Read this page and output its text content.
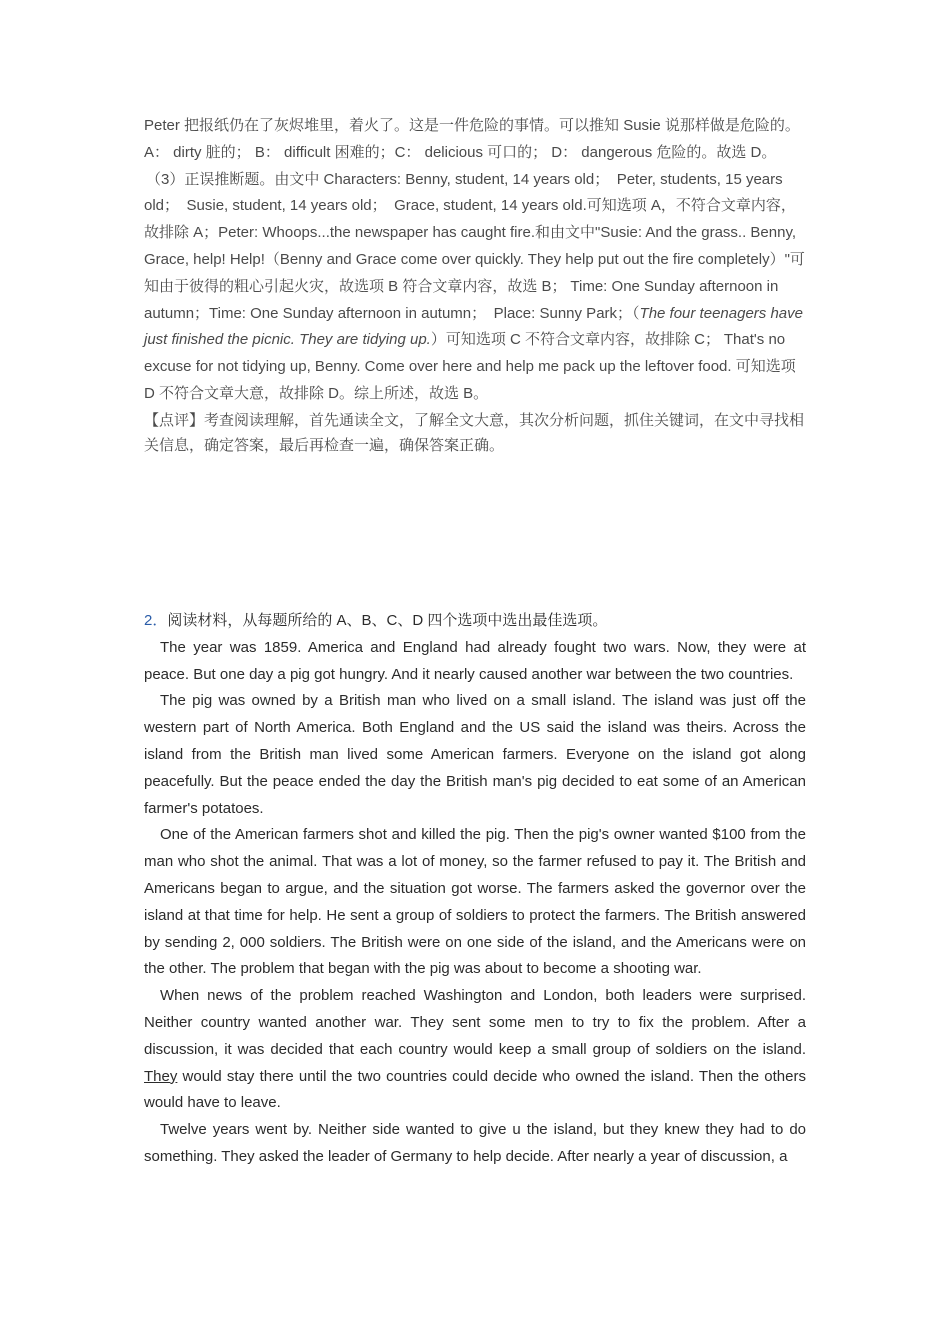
Peter 把报纸仍在了灰烬堆里，着火了。这是一件危险的事情。可以推知 Susie 说那样做是危险的。A： dirty 脏的； B： difficult 困难的；C： delicious 可口的； D： dangerous 危险的。故选 D。

（3）正误推断题。由文中 Characters: Benny, student, 14 years old；　Peter, students, 15 years old；　Susie, student, 14 years old；　Grace, student, 14 years old.可知选项 A，不符合文章内容，故排除 A；Peter: Whoops...the newspaper has caught fire.和由文中"Susie: And the grass.. Benny, Grace, help! Help!（Benny and Grace come over quickly. They help put out the fire completely）"可知由于彼得的粗心引起火灾，故选项 B 符合文章内容，故选 B； Time: One Sunday afternoon in autumn；Time: One Sunday afternoon in autumn；　Place: Sunny Park；（The four teenagers have just finished the picnic. They are tidying up.）可知选项 C 不符合文章内容，故排除 C； That's no excuse for not tidying up, Benny. Come over here and help me pack up the leftover food. 可知选项 D 不符合文章大意，故排除 D。综上所述，故选 B。

【点评】考查阅读理解，首先通读全文，了解全文大意，其次分析问题，抓住关键词，在文中寻找相关信息，确定答案，最后再检查一遍，确保答案正确。

2．阅读材料，从每题所给的 A、B、C、D 四个选项中选出最佳选项。

The year was 1859. America and England had already fought two wars. Now, they were at peace. But one day a pig got hungry. And it nearly caused another war between the two countries.

The pig was owned by a British man who lived on a small island. The island was just off the western part of North America. Both England and the US said the island was theirs. Across the island from the British man lived some American farmers. Everyone on the island got along peacefully. But the peace ended the day the British man's pig decided to eat some of an American farmer's potatoes.

One of the American farmers shot and killed the pig. Then the pig's owner wanted $100 from the man who shot the animal. That was a lot of money, so the farmer refused to pay it. The British and Americans began to argue, and the situation got worse. The farmers asked the governor over the island at that time for help. He sent a group of soldiers to protect the farmers. The British answered by sending 2, 000 soldiers. The British were on one side of the island, and the Americans were on the other. The problem that began with the pig was about to become a shooting war.

When news of the problem reached Washington and London, both leaders were surprised. Neither country wanted another war. They sent some men to try to fix the problem. After a discussion, it was decided that each country would keep a small group of soldiers on the island. They would stay there until the two countries could decide who owned the island. Then the others would have to leave.

Twelve years went by. Neither side wanted to give u the island, but they knew they had to do something. They asked the leader of Germany to help decide. After nearly a year of discussion, a
